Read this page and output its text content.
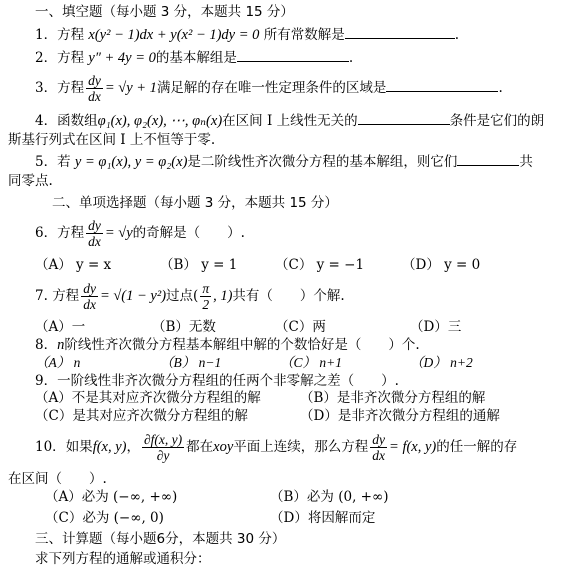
一、填空题（每小题 3 分，本题共 15 分）
1．方程 x(y² − 1)dx + y(x² − 1)dy = 0 所有常数解是	.
2．方程 y″ + 4y = 0的基本解组是	.
3．方程 $\frac{dy}{dx} = √y + 1$满足解的存在唯一性定理条件的区域是	.
4．函数组φ₁(x), φ₂(x), ⋯, φₙ(x)在区间 I 上线性无关的	条件是它们的朗
斯基行列式在区间 I 上不恒等于零.
5．若 y = φ₁(x), y = φ₂(x)是二阶线性齐次微分方程的基本解组，则它们	共
同零点.
二、单项选择题（每小题 3 分，本题共 15 分）
6．方程 $\frac{dy}{dx} = √y$的奇解是（　　）.
（A） y = x	（B） y = 1	（C） y = −1	（D） y = 0
7. 方程 $\frac{dy}{dx} = √(1 - y^2)$过点( $\frac{\pi}{2}$ , 1)共有（　　）个解.
（A）一	（B）无数	（C）两	（D）三
8．n阶线性齐次微分方程基本解组中解的个数恰好是（　　）个.
（A） n	（B） n−1	（C） n+1	（D） n+2
9．一阶线性非齐次微分方程组的任两个非零解之差（　　）.
（A）不是其对应齐次微分方程组的解	（B）是非齐次微分方程组的解
（C）是其对应齐次微分方程组的解	（D）是非齐次微分方程组的通解
10．如果f(x, y)， $\frac{\partial f(x, y)}{\partial y}$ 都在xoy平面上连续，那么方程 $\frac{dy}{dx} = f(x$, y)的任一解的存
在区间（　　）.
（A）必为 (−∞, +∞)	（B）必为 (0, +∞)
（C）必为 (−∞, 0)	（D）将因解而定
三、计算题（每小题6分，本题共 30 分）
求下列方程的通解或通积分：
